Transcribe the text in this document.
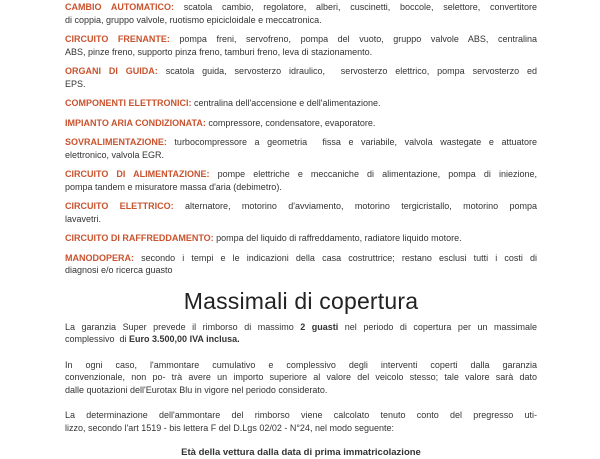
CAMBIO AUTOMATICO: scatola cambio, regolatore, alberi, cuscinetti, boccole, selettore, convertitore
di coppia, gruppo valvole, ruotismo epicicloidale e meccatronica.
CIRCUITO FRENANTE: pompa freni, servofreno, pompa del vuoto, gruppo valvole ABS, centralina
ABS, pinze freno, supporto pinza freno, tamburi freno, leva di stazionamento.
ORGANI DI GUIDA: scatola guida, servosterzo idraulico,  servosterzo elettrico, pompa servosterzo ed
EPS.
COMPONENTI ELETTRONICI: centralina dell'accensione e dell'alimentazione.
IMPIANTO ARIA CONDIZIONATA: compressore, condensatore, evaporatore.
SOVRALIMENTAZIONE: turbocompressore a geometria  fissa e variabile, valvola wastegate e attuatore
elettronico, valvola EGR.
CIRCUITO DI ALIMENTAZIONE: pompe elettriche e meccaniche di alimentazione, pompa di iniezione,
pompa tandem e misuratore massa d'aria (debimetro).
CIRCUITO ELETTRICO: alternatore, motorino d'avviamento, motorino tergicristallo, motorino pompa
lavavetri.
CIRCUITO DI RAFFREDDAMENTO: pompa del liquido di raffreddamento, radiatore liquido motore.
MANODOPERA: secondo i tempi e le indicazioni della casa costruttrice; restano esclusi tutti i costi di
diagnosi e/o ricerca guasto
Massimali di copertura
La garanzia Super prevede il rimborso di massimo 2 guasti nel periodo di copertura per un massimale
complessivo  di Euro 3.500,00 IVA inclusa.
In ogni caso, l'ammontare cumulativo e complessivo degli interventi coperti dalla garanzia
convenzionale, non po- trà avere un importo superiore al valore del veicolo stesso; tale valore sarà dato
dalle quotazioni dell'Eurotax Blu in vigore nel periodo considerato.
La determinazione dell'ammontare del rimborso viene calcolato tenuto conto del pregresso uti-
lizzo, secondo l'art 1519 - bis lettera F del D.Lgs 02/02 - N°24, nel modo seguente:
Età della vettura dalla data di prima immatricolazione
